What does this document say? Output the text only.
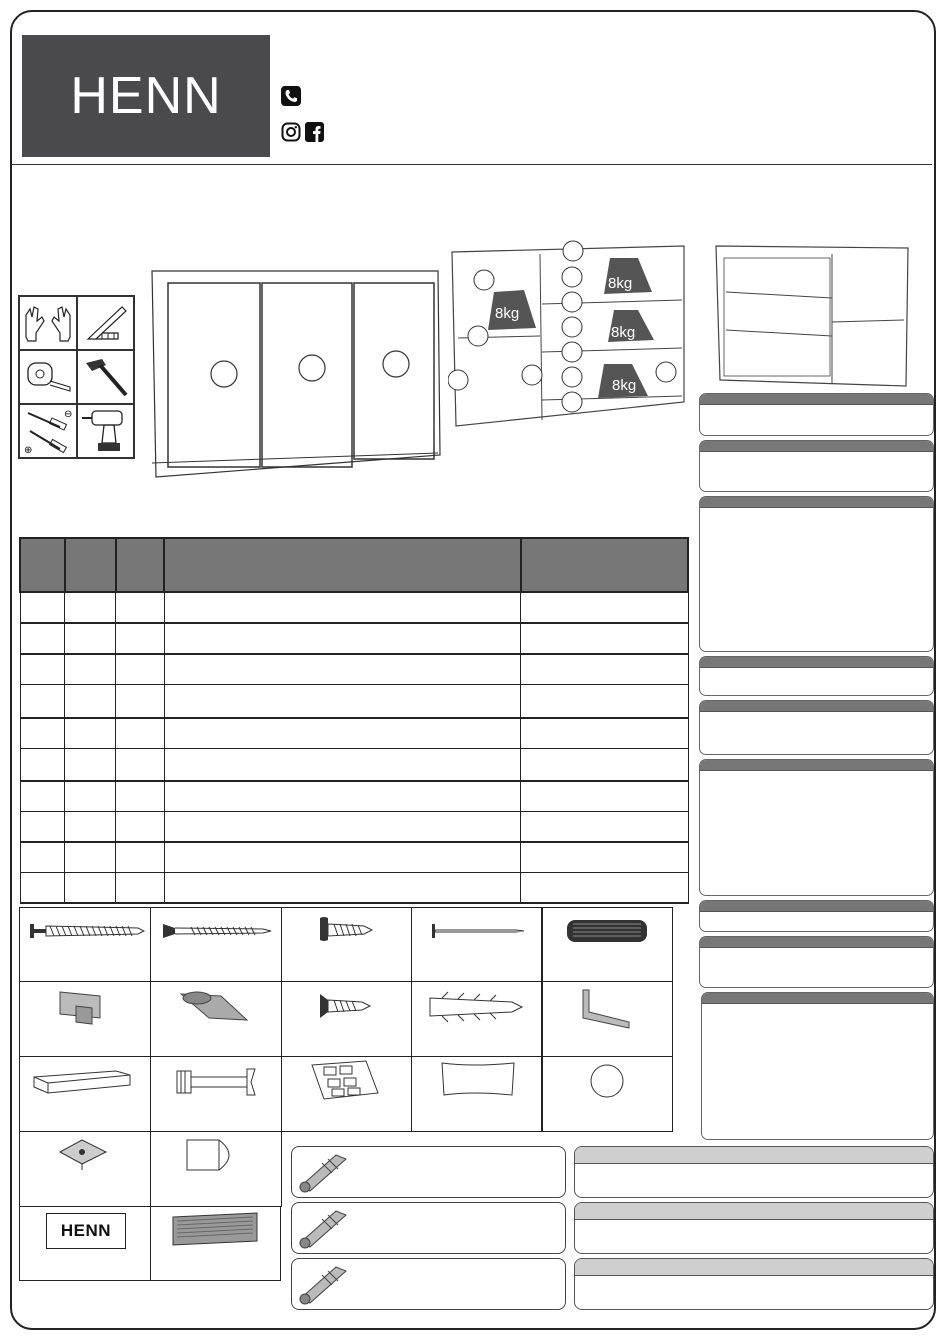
HENN
⊖
⊕
8kg
8kg
8kg
8kg

HENN
